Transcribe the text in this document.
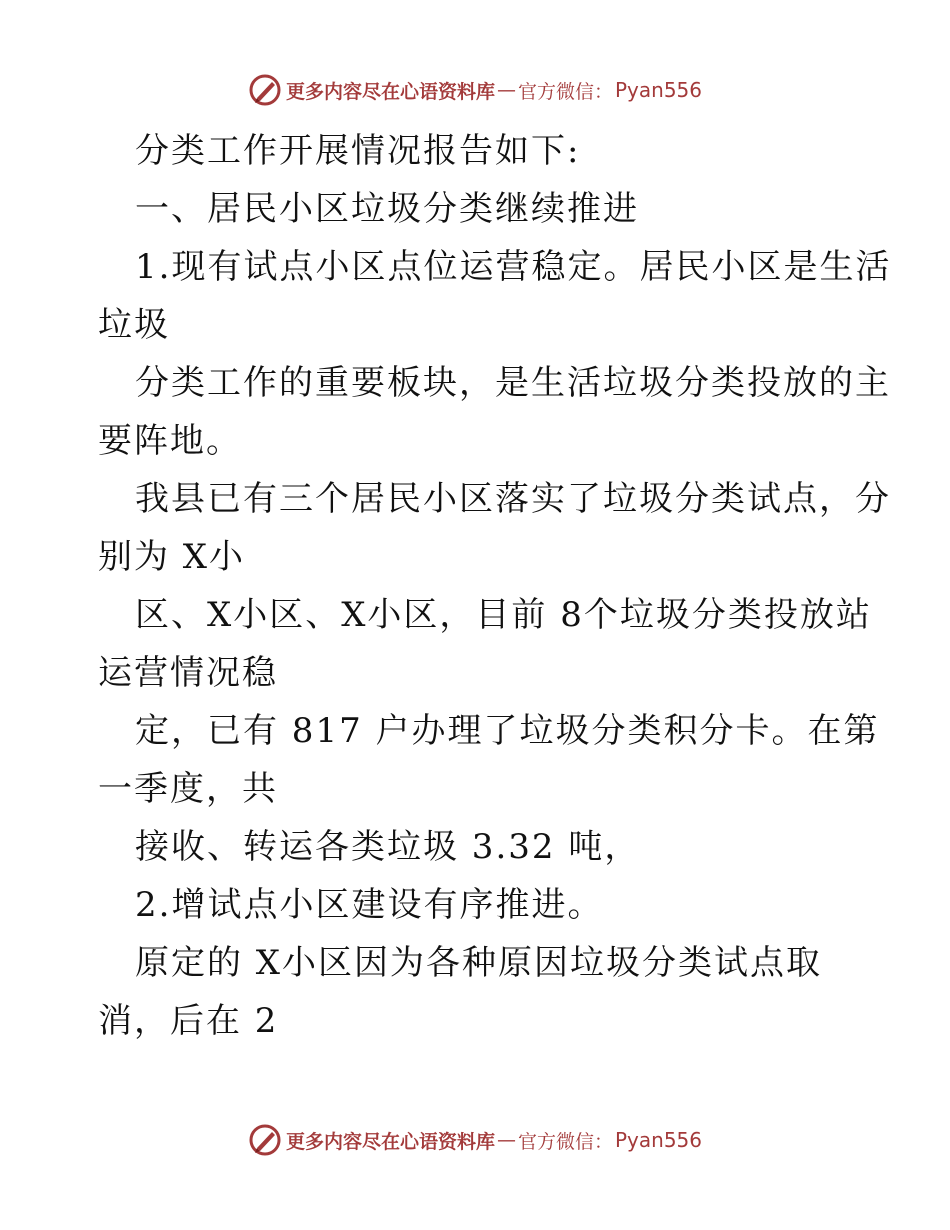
更多内容尽在心语资料库 — 官方微信： Pyan556
分类工作开展情况报告如下:
一、居民小区垃圾分类继续推进
1.现有试点小区点位运营稳定。居民小区是生活
垃圾
分类工作的重要板块，是生活垃圾分类投放的主
要阵地。
我县已有三个居民小区落实了垃圾分类试点，分
别为 X小
区、X小区、X小区，目前 8个垃圾分类投放站
运营情况稳
定，已有 817 户办理了垃圾分类积分卡。在第
一季度，共
接收、转运各类垃圾 3.32 吨，
2.增试点小区建设有序推进。
原定的 X小区因为各种原因垃圾分类试点取
消，后在 2
更多内容尽在心语资料库 — 官方微信： Pyan556
